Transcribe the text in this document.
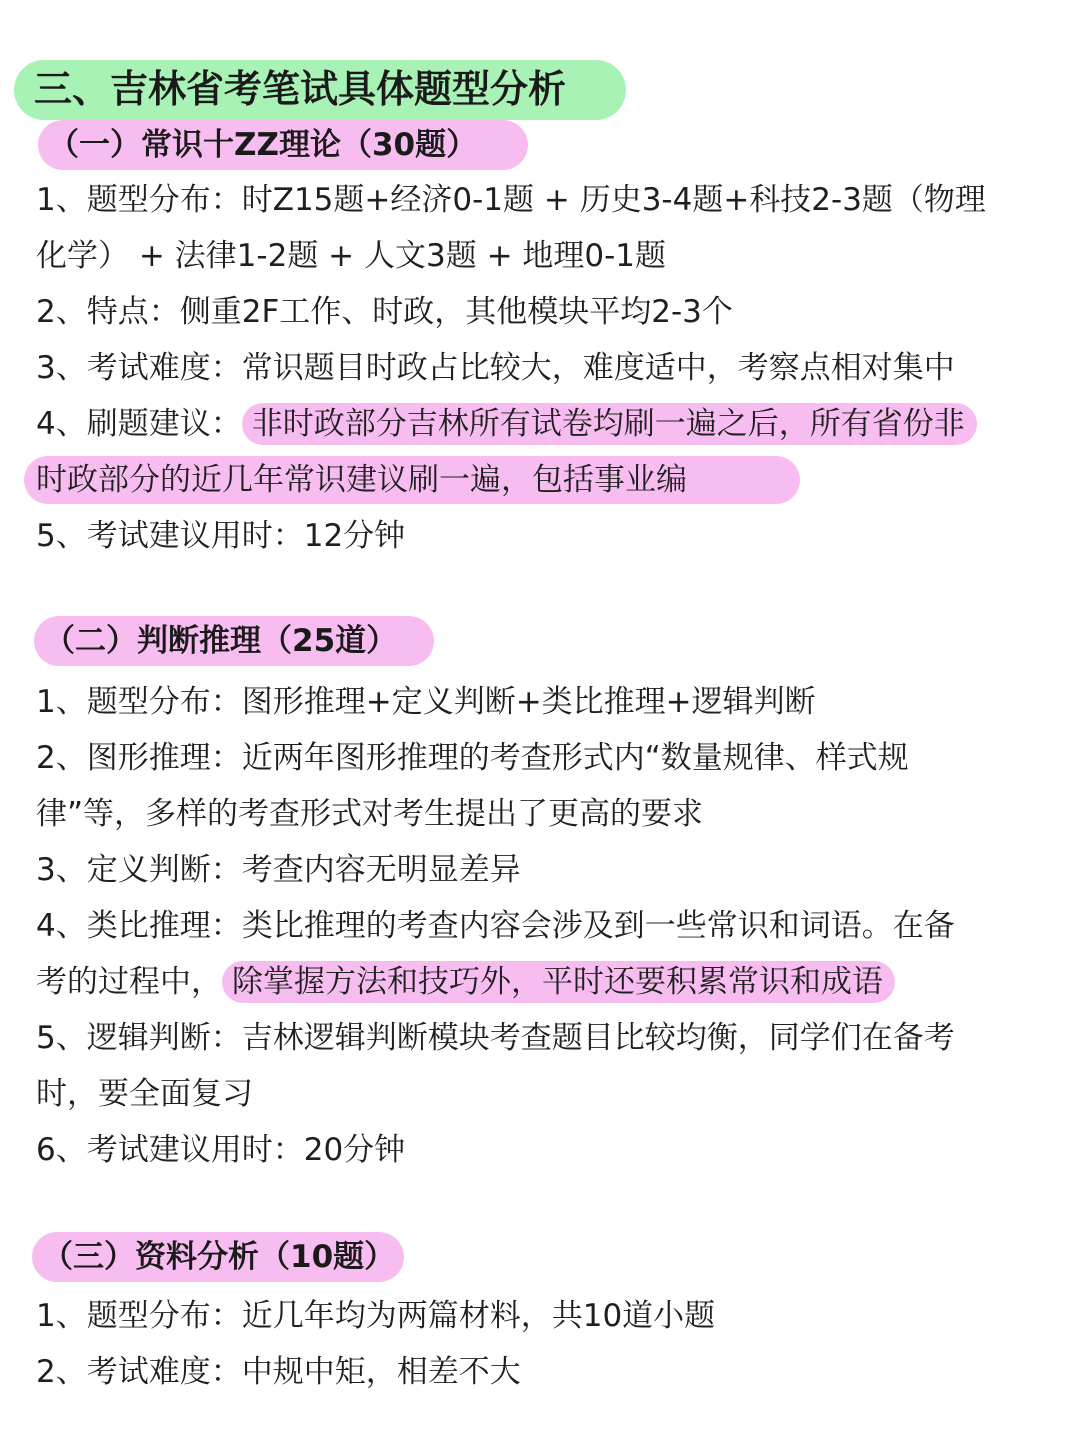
三、吉林省考笔试具体题型分析
（一）常识十ZZ理论（30题）
1、题型分布：时Z15题+经济0-1题 + 历史3-4题+科技2-3题（物理
化学） + 法律1-2题 + 人文3题 + 地理0-1题
2、特点：侧重2F工作、时政，其他模块平均2-3个
3、考试难度：常识题目时政占比较大，难度适中，考察点相对集中
4、刷题建议： 非时政部分吉林所有试卷均刷一遍之后，所有省份非
时政部分的近几年常识建议刷一遍，包括事业编
5、考试建议用时：12分钟
（二）判断推理（25道）
1、题型分布：图形推理+定义判断+类比推理+逻辑判断
2、图形推理：近两年图形推理的考查形式内“数量规律、样式规
律”等，多样的考查形式对考生提出了更高的要求
3、定义判断：考查内容无明显差异
4、类比推理：类比推理的考查内容会涉及到一些常识和词语。在备
考的过程中， 除掌握方法和技巧外，平时还要积累常识和成语
5、逻辑判断：吉林逻辑判断模块考查题目比较均衡，同学们在备考
时，要全面复习
6、考试建议用时：20分钟
（三）资料分析（10题）
1、题型分布：近几年均为两篇材料，共10道小题
2、考试难度：中规中矩，相差不大
